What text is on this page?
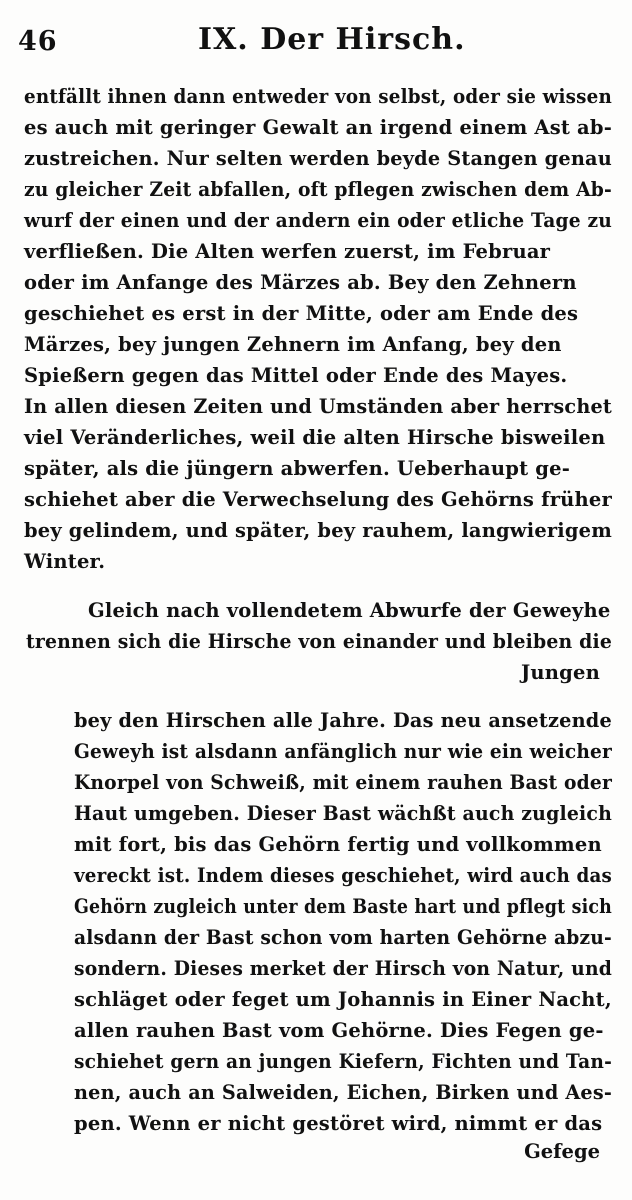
46	IX. Der Hirsch.
entfällt ihnen dann entweder von selbst, oder sie wissen
es auch mit geringer Gewalt an irgend einem Ast ab-
zustreichen. Nur selten werden beyde Stangen genau
zu gleicher Zeit abfallen, oft pflegen zwischen dem Ab-
wurf der einen und der andern ein oder etliche Tage zu
verfließen. Die Alten werfen zuerst, im Februar
oder im Anfange des Märzes ab. Bey den Zehnern
geschiehet es erst in der Mitte, oder am Ende des
Märzes, bey jungen Zehnern im Anfang, bey den
Spießern gegen das Mittel oder Ende des Mayes.
In allen diesen Zeiten und Umständen aber herrschet
viel Veränderliches, weil die alten Hirsche bisweilen
später, als die jüngern abwerfen. Ueberhaupt ge-
schiehet aber die Verwechselung des Gehörns früher
bey gelindem, und später, bey rauhem, langwierigem
Winter.
Gleich nach vollendetem Abwurfe der Geweyhe
trennen sich die Hirsche von einander und bleiben die
Jungen
bey den Hirschen alle Jahre. Das neu ansetzende
Geweyh ist alsdann anfänglich nur wie ein weicher
Knorpel von Schweiß, mit einem rauhen Bast oder
Haut umgeben. Dieser Bast wächßt auch zugleich
mit fort, bis das Gehörn fertig und vollkommen
vereckt ist. Indem dieses geschiehet, wird auch das
Gehörn zugleich unter dem Baste hart und pflegt sich
alsdann der Bast schon vom harten Gehörne abzu-
sondern. Dieses merket der Hirsch von Natur, und
schläget oder feget um Johannis in Einer Nacht,
allen rauhen Bast vom Gehörne. Dies Fegen ge-
schiehet gern an jungen Kiefern, Fichten und Tan-
nen, auch an Salweiden, Eichen, Birken und Aes-
pen. Wenn er nicht gestöret wird, nimmt er das
Gefege
